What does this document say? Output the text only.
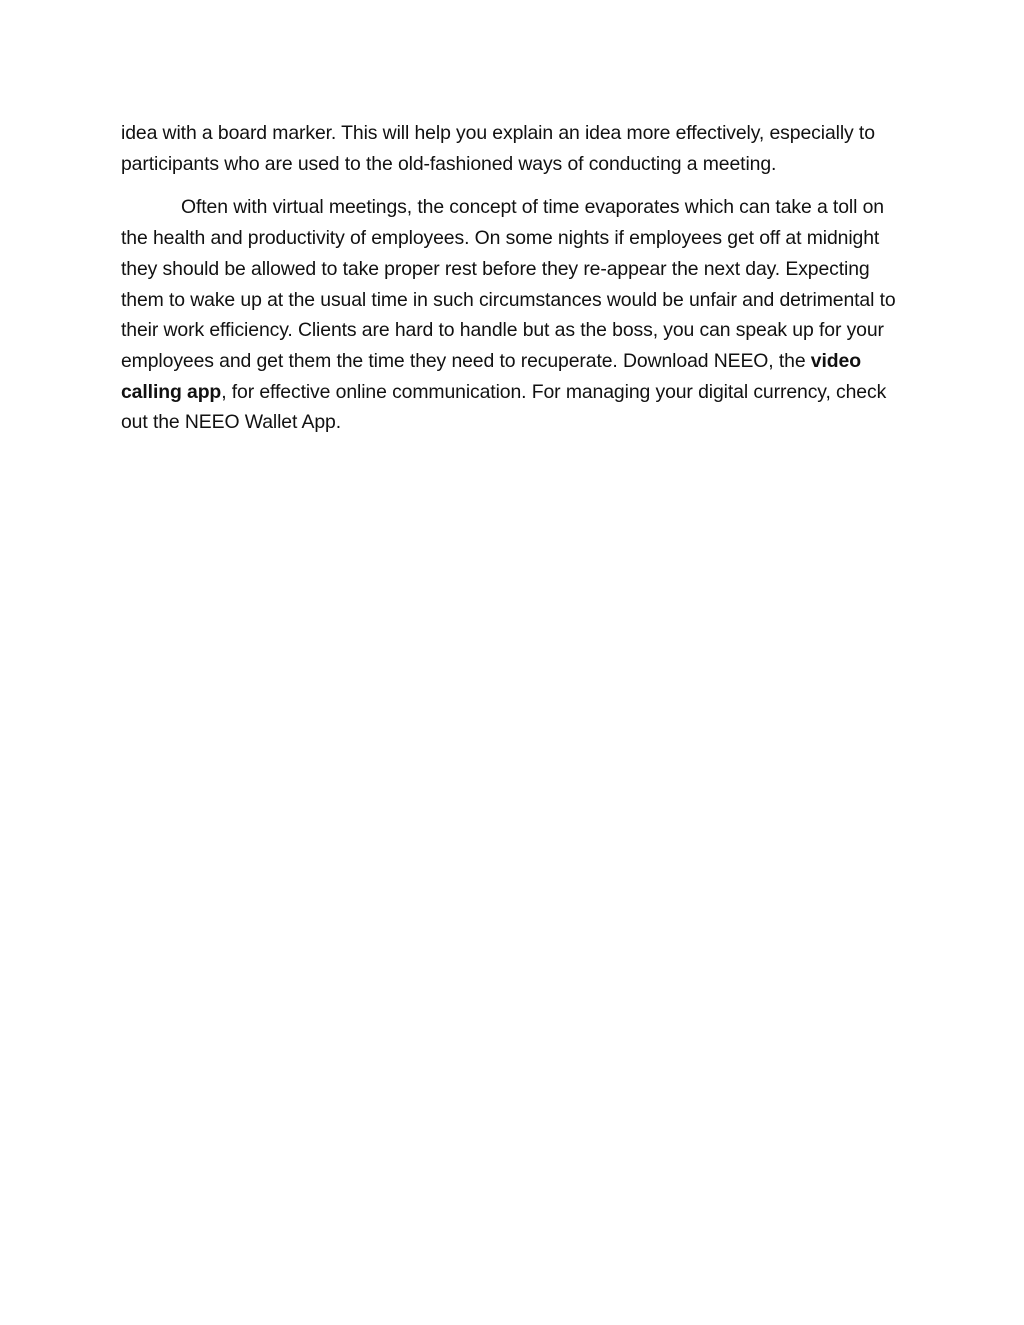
idea with a board marker. This will help you explain an idea more effectively, especially to participants who are used to the old-fashioned ways of conducting a meeting.

Often with virtual meetings, the concept of time evaporates which can take a toll on the health and productivity of employees. On some nights if employees get off at midnight they should be allowed to take proper rest before they re-appear the next day. Expecting them to wake up at the usual time in such circumstances would be unfair and detrimental to their work efficiency. Clients are hard to handle but as the boss, you can speak up for your employees and get them the time they need to recuperate. Download NEEO, the video calling app, for effective online communication. For managing your digital currency, check out the NEEO Wallet App.
